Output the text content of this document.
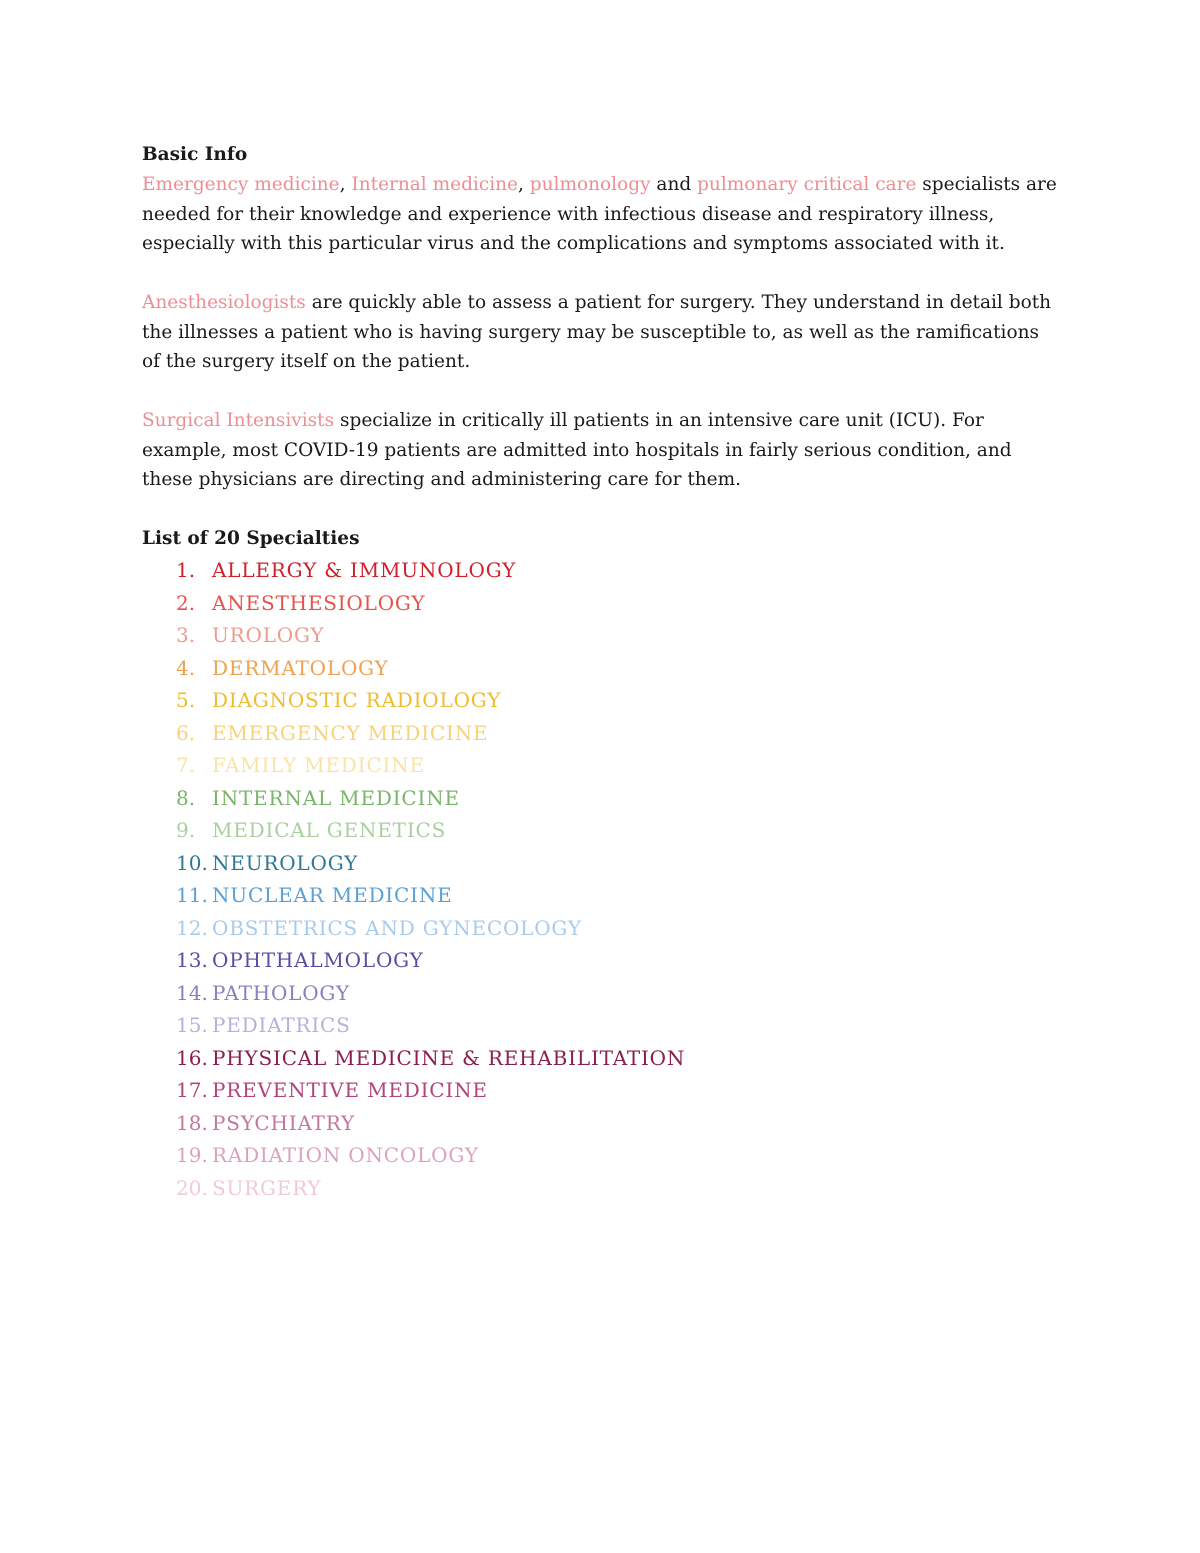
Basic Info

Emergency medicine, Internal medicine, pulmonology and pulmonary critical care specialists are needed for their knowledge and experience with infectious disease and respiratory illness, especially with this particular virus and the complications and symptoms associated with it.

Anesthesiologists are quickly able to assess a patient for surgery. They understand in detail both the illnesses a patient who is having surgery may be susceptible to, as well as the ramifications of the surgery itself on the patient.

Surgical Intensivists specialize in critically ill patients in an intensive care unit (ICU). For example, most COVID-19 patients are admitted into hospitals in fairly serious condition, and these physicians are directing and administering care for them.

List of 20 Specialties

1. ALLERGY & IMMUNOLOGY
2. ANESTHESIOLOGY
3. UROLOGY
4. DERMATOLOGY
5. DIAGNOSTIC RADIOLOGY
6. EMERGENCY MEDICINE
7. FAMILY MEDICINE
8. INTERNAL MEDICINE
9. MEDICAL GENETICS
10. NEUROLOGY
11. NUCLEAR MEDICINE
12. OBSTETRICS AND GYNECOLOGY
13. OPHTHALMOLOGY
14. PATHOLOGY
15. PEDIATRICS
16. PHYSICAL MEDICINE & REHABILITATION
17. PREVENTIVE MEDICINE
18. PSYCHIATRY
19. RADIATION ONCOLOGY
20. SURGERY
